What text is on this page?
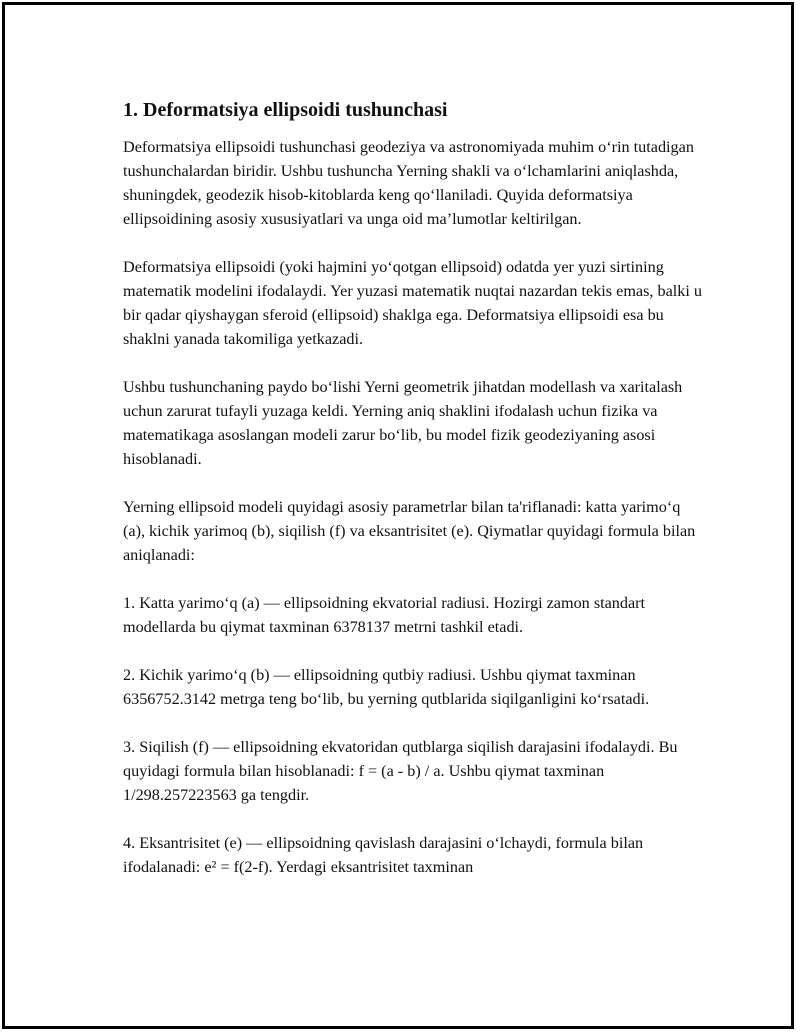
1. Deformatsiya ellipsoidi tushunchasi

Deformatsiya ellipsoidi tushunchasi geodeziya va astronomiyada muhim o‘rin tutadigan tushunchalardan biridir. Ushbu tushuncha Yerning shakli va o‘lchamlarini aniqlashda, shuningdek, geodezik hisob-kitoblarda keng qo‘llaniladi. Quyida deformatsiya ellipsoidining asosiy xususiyatlari va unga oid ma’lumotlar keltirilgan.

Deformatsiya ellipsoidi (yoki hajmini yo‘qotgan ellipsoid) odatda yer yuzi sirtining matematik modelini ifodalaydi. Yer yuzasi matematik nuqtai nazardan tekis emas, balki u bir qadar qiyshaygan sferoid (ellipsoid) shaklga ega. Deformatsiya ellipsoidi esa bu shaklni yanada takomiliga yetkazadi.

Ushbu tushunchaning paydo bo‘lishi Yerni geometrik jihatdan modellash va xaritalash uchun zarurat tufayli yuzaga keldi. Yerning aniq shaklini ifodalash uchun fizika va matematikaga asoslangan modeli zarur bo‘lib, bu model fizik geodeziyaning asosi hisoblanadi.

Yerning ellipsoid modeli quyidagi asosiy parametrlar bilan ta'riflanadi: katta yarimo‘q (a), kichik yarimoq (b), siqilish (f) va eksantrisitet (e). Qiymatlar quyidagi formula bilan aniqlanadi:

1. Katta yarimo‘q (a) — ellipsoidning ekvatorial radiusi. Hozirgi zamon standart modellarda bu qiymat taxminan 6378137 metrni tashkil etadi.

2. Kichik yarimo‘q (b) — ellipsoidning qutbiy radiusi. Ushbu qiymat taxminan 6356752.3142 metrga teng bo‘lib, bu yerning qutblarida siqilganligini ko‘rsatadi.

3. Siqilish (f) — ellipsoidning ekvatoridan qutblarga siqilish darajasini ifodalaydi. Bu quyidagi formula bilan hisoblanadi: f = (a - b) / a. Ushbu qiymat taxminan 1/298.257223563 ga tengdir.

4. Eksantrisitet (e) — ellipsoidning qavislash darajasini o‘lchaydi, formula bilan ifodalanadi: e² = f(2-f). Yerdagi eksantrisitet taxminan
